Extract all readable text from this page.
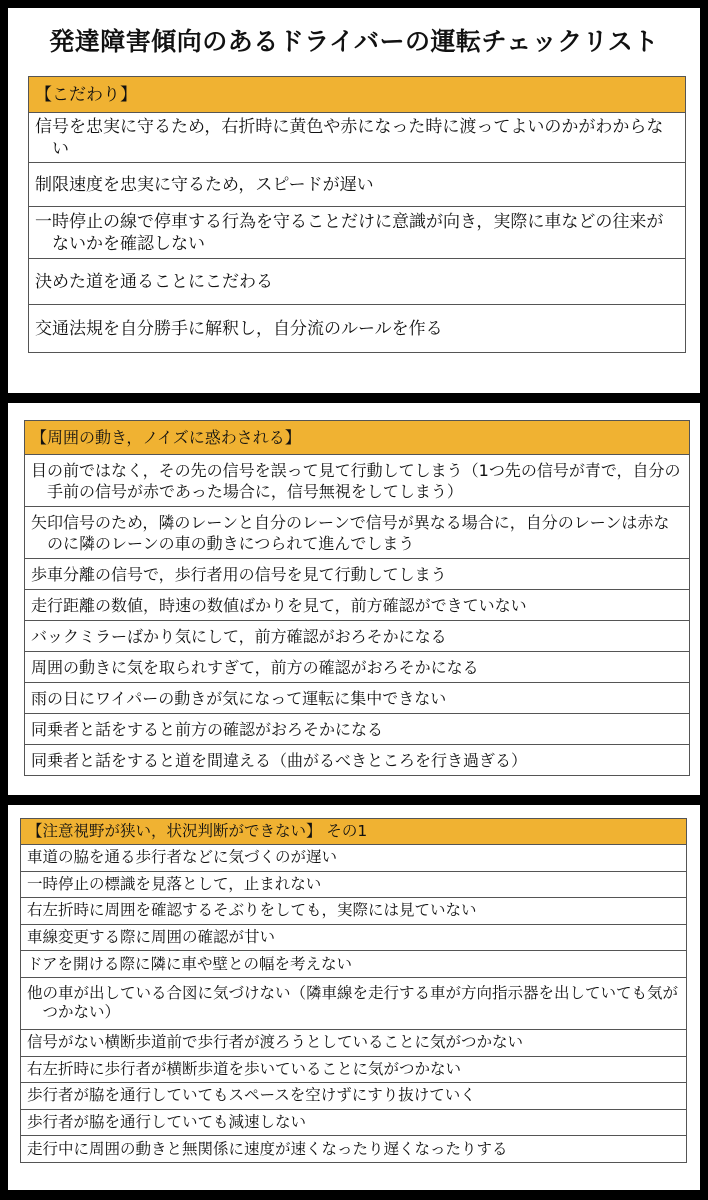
発達障害傾向のあるドライバーの運転チェックリスト
【こだわり】

信号を忠実に守るため，右折時に黄色や赤になった時に渡ってよいのかがわからない

制限速度を忠実に守るため，スピードが遅い

一時停止の線で停車する行為を守ることだけに意識が向き，実際に車などの往来がないかを確認しない

決めた道を通ることにこだわる

交通法規を自分勝手に解釈し，自分流のルールを作る
【周囲の動き，ノイズに惑わされる】

目の前ではなく，その先の信号を誤って見て行動してしまう（1つ先の信号が青で，自分の手前の信号が赤であった場合に，信号無視をしてしまう）

矢印信号のため，隣のレーンと自分のレーンで信号が異なる場合に，自分のレーンは赤なのに隣のレーンの車の動きにつられて進んでしまう

歩車分離の信号で，歩行者用の信号を見て行動してしまう

走行距離の数値，時速の数値ばかりを見て，前方確認ができていない

バックミラーばかり気にして，前方確認がおろそかになる

周囲の動きに気を取られすぎて，前方の確認がおろそかになる

雨の日にワイパーの動きが気になって運転に集中できない

同乗者と話をすると前方の確認がおろそかになる

同乗者と話をすると道を間違える（曲がるべきところを行き過ぎる）
【注意視野が狭い，状況判断ができない】 その1

車道の脇を通る歩行者などに気づくのが遅い

一時停止の標識を見落として，止まれない

右左折時に周囲を確認するそぶりをしても，実際には見ていない

車線変更する際に周囲の確認が甘い

ドアを開ける際に隣に車や壁との幅を考えない

他の車が出している合図に気づけない（隣車線を走行する車が方向指示器を出していても気がつかない）

信号がない横断歩道前で歩行者が渡ろうとしていることに気がつかない

右左折時に歩行者が横断歩道を歩いていることに気がつかない

歩行者が脇を通行していてもスペースを空けずにすり抜けていく

歩行者が脇を通行していても減速しない

走行中に周囲の動きと無関係に速度が速くなったり遅くなったりする
